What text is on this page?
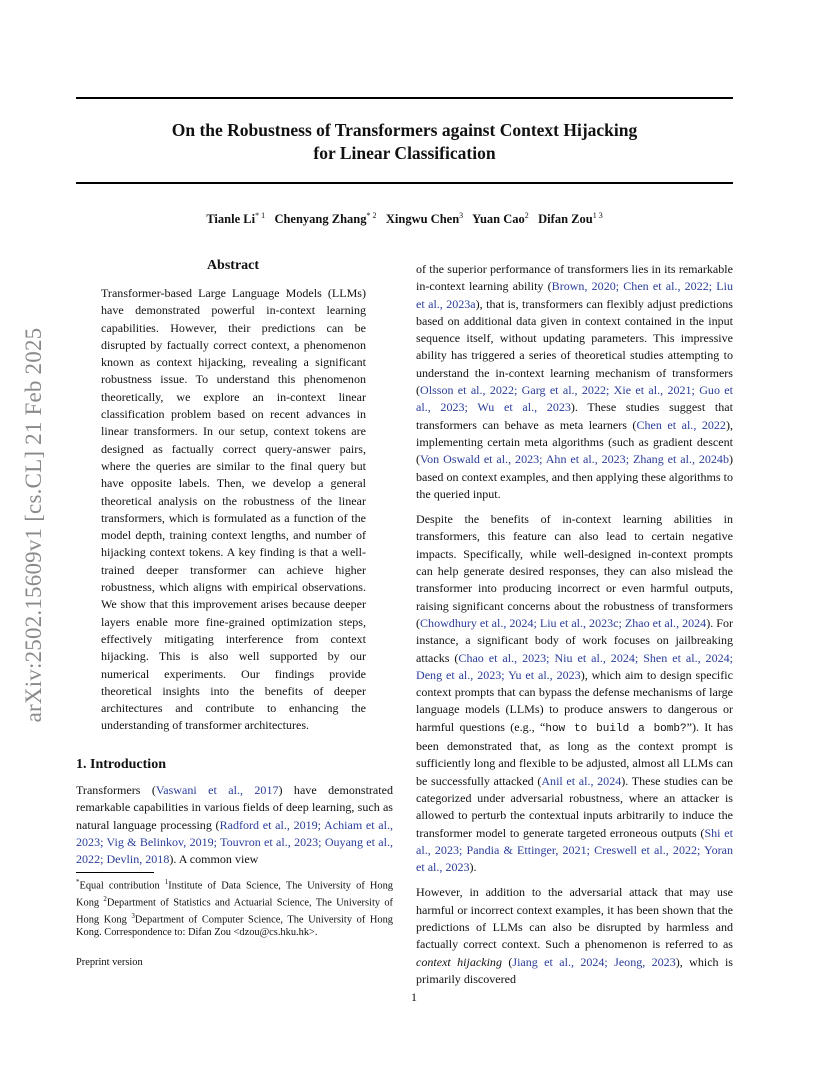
On the Robustness of Transformers against Context Hijacking
for Linear Classification
Tianle Li$^{* 1}$ Chenyang Zhang$^{* 2}$ Xingwu Chen$^3$ Yuan Cao$^2$ Difan Zou$^{1 3}$
arXiv:2502.15609v1 [cs.CL] 21 Feb 2025
Abstract
Transformer-based Large Language Models (LLMs) have demonstrated powerful in-context learning capabilities. However, their predictions can be disrupted by factually correct context, a phenomenon known as context hijacking, revealing a significant robustness issue. To understand this phenomenon theoretically, we explore an in-context linear classification problem based on recent advances in linear transformers. In our setup, context tokens are designed as factually correct query-answer pairs, where the queries are similar to the final query but have opposite labels. Then, we develop a general theoretical analysis on the robustness of the linear transformers, which is formulated as a function of the model depth, training context lengths, and number of hijacking context tokens. A key finding is that a well-trained deeper transformer can achieve higher robustness, which aligns with empirical observations. We show that this improvement arises because deeper layers enable more fine-grained optimization steps, effectively mitigating interference from context hijacking. This is also well supported by our numerical experiments. Our findings provide theoretical insights into the benefits of deeper architectures and contribute to enhancing the understanding of transformer architectures.
1. Introduction
Transformers (Vaswani et al., 2017) have demonstrated remarkable capabilities in various fields of deep learning, such as natural language processing (Radford et al., 2019; Achiam et al., 2023; Vig & Belinkov, 2019; Touvron et al., 2023; Ouyang et al., 2022; Devlin, 2018). A common view
*Equal contribution $^1$Institute of Data Science, The University of Hong Kong $^2$Department of Statistics and Actuarial Science, The University of Hong Kong $^3$Department of Computer Science, The University of Hong Kong. Correspondence to: Difan Zou <dzou@cs.hku.hk>.
Preprint version

of the superior performance of transformers lies in its remarkable in-context learning ability (Brown, 2020; Chen et al., 2022; Liu et al., 2023a), that is, transformers can flexibly adjust predictions based on additional data given in context contained in the input sequence itself, without updating parameters. This impressive ability has triggered a series of theoretical studies attempting to understand the in-context learning mechanism of transformers (Olsson et al., 2022; Garg et al., 2022; Xie et al., 2021; Guo et al., 2023; Wu et al., 2023). These studies suggest that transformers can behave as meta learners (Chen et al., 2022), implementing certain meta algorithms (such as gradient descent (Von Oswald et al., 2023; Ahn et al., 2023; Zhang et al., 2024b) based on context examples, and then applying these algorithms to the queried input.

Despite the benefits of in-context learning abilities in transformers, this feature can also lead to certain negative impacts. Specifically, while well-designed in-context prompts can help generate desired responses, they can also mislead the transformer into producing incorrect or even harmful outputs, raising significant concerns about the robustness of transformers (Chowdhury et al., 2024; Liu et al., 2023c; Zhao et al., 2024). For instance, a significant body of work focuses on jailbreaking attacks (Chao et al., 2023; Niu et al., 2024; Shen et al., 2024; Deng et al., 2023; Yu et al., 2023), which aim to design specific context prompts that can bypass the defense mechanisms of large language models (LLMs) to produce answers to dangerous or harmful questions (e.g., “how to build a bomb?”). It has been demonstrated that, as long as the context prompt is sufficiently long and flexible to be adjusted, almost all LLMs can be successfully attacked (Anil et al., 2024). These studies can be categorized under adversarial robustness, where an attacker is allowed to perturb the contextual inputs arbitrarily to induce the transformer model to generate targeted erroneous outputs (Shi et al., 2023; Pandia & Ettinger, 2021; Creswell et al., 2022; Yoran et al., 2023).

However, in addition to the adversarial attack that may use harmful or incorrect context examples, it has been shown that the predictions of LLMs can also be disrupted by harmless and factually correct context. Such a phenomenon is referred to as context hijacking (Jiang et al., 2024; Jeong, 2023), which is primarily discovered

1
